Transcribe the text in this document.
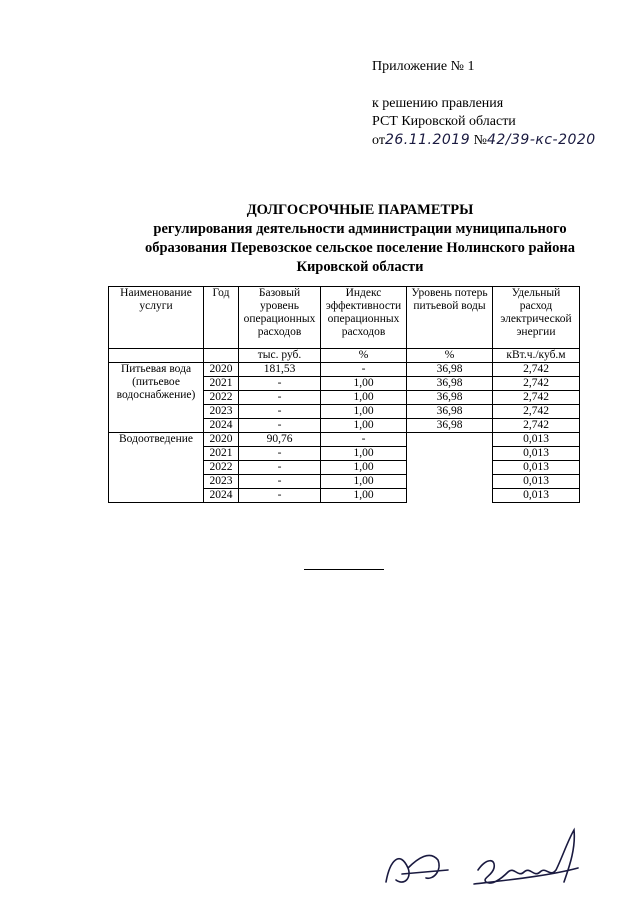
Приложение № 1
к решению правления
РСТ Кировской области
от26.11.2019 №42/39-кс-2020
ДОЛГОСРОЧНЫЕ ПАРАМЕТРЫ
регулирования деятельности администрации муниципального
образования Перевозское сельское поселение Нолинского района
Кировской области
Наименование услуги	Год	Базовый уровень операционных расходов	Индекс эффективности операционных расходов	Уровень потерь питьевой воды	Удельный расход электрической энергии
		тыс. руб.	%	%	кВт.ч./куб.м
Питьевая вода (питьевое водоснабжение)	2020	181,53	-	36,98	2,742
	2021	-	1,00	36,98	2,742
	2022	-	1,00	36,98	2,742
	2023	-	1,00	36,98	2,742
	2024	-	1,00	36,98	2,742
Водоотведение	2020	90,76	-		0,013
	2021	-	1,00		0,013
	2022	-	1,00		0,013
	2023	-	1,00		0,013
	2024	-	1,00		0,013
